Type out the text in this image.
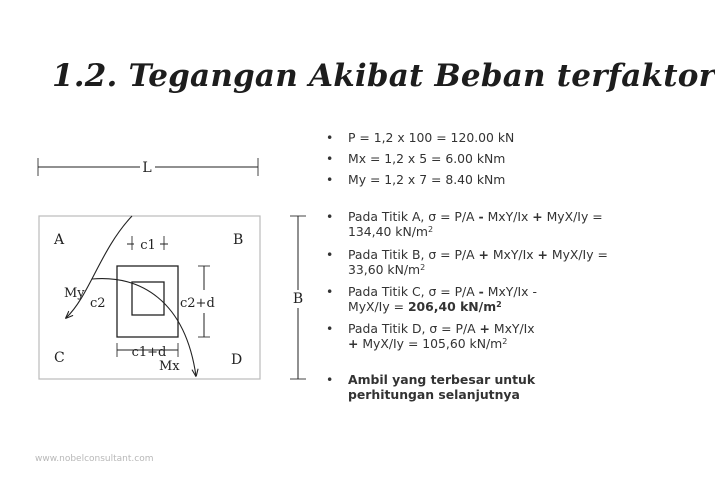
1.2. Tegangan Akibat Beban terfaktor
L
B
A	B
C	D
c1
c2	c2+d
c1+d
My
Mx
• P = 1,2 x 100 = 120.00 kN
• Mx = 1,2 x 5 = 6.00 kNm
• My = 1,2 x 7 = 8.40 kNm
• Pada Titik A, σ = P/A - MxY/Ix + MyX/Iy = 134,40 $kN/m^2$
• Pada Titik B, σ = P/A + MxY/Ix + MyX/Iy = 33,60 $kN/m^2$
• Pada Titik C, σ = P/A - MxY/Ix -
MyX/Iy = 206,40 $kN/m^2$
• Pada Titik D, σ = P/A + MxY/Ix
+ MyX/Iy = 105,60 $kN/m^2$
• Ambil yang terbesar untuk
perhitungan selanjutnya
www.nobelconsultant.com
